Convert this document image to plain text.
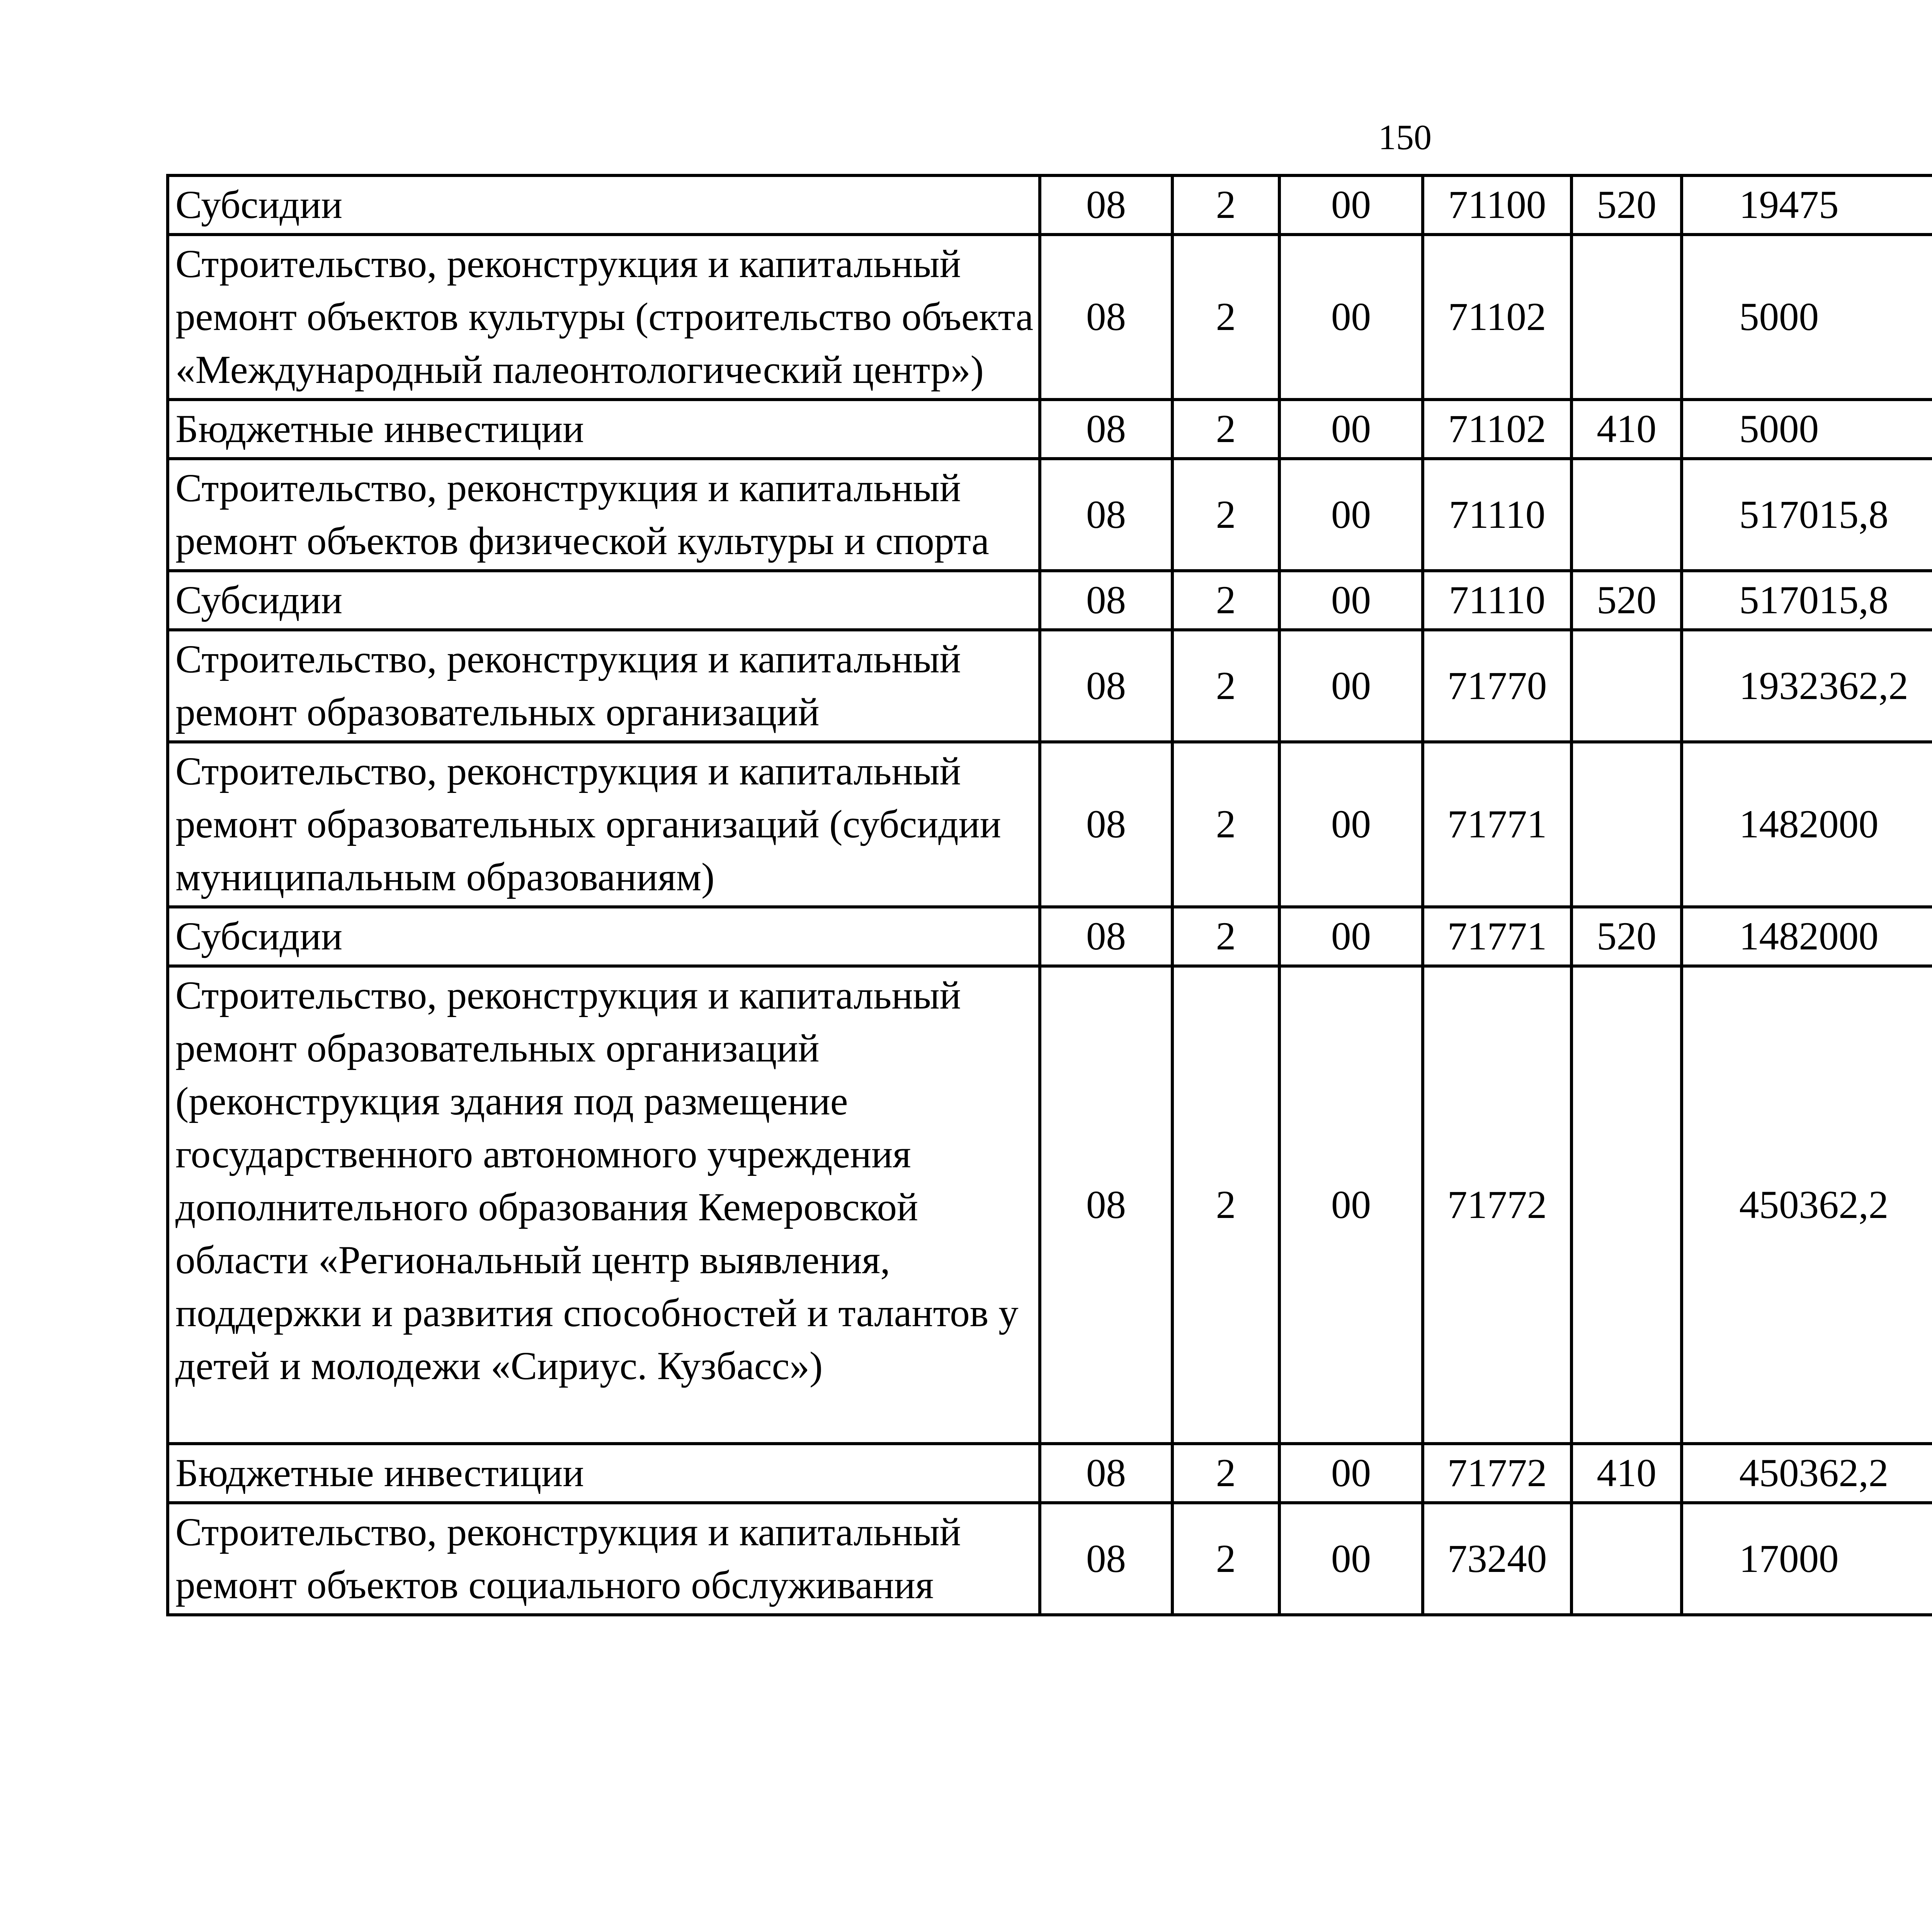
150
Субсидии	08	2	00	71100	520	19475		
Строительство, реконструкция и капитальный ремонт объектов культуры (строительство объекта «Международный палеонтологический центр»)	08	2	00	71102		5000		
Бюджетные инвестиции	08	2	00	71102	410	5000		
Строительство, реконструкция и капитальный ремонт объектов физической культуры и спорта	08	2	00	71110		517015,8		
Субсидии	08	2	00	71110	520	517015,8		
Строительство, реконструкция и капитальный ремонт образовательных организаций	08	2	00	71770		1932362,2		
Строительство, реконструкция и капитальный ремонт образовательных организаций (субсидии муниципальным образованиям)	08	2	00	71771		1482000		
Субсидии	08	2	00	71771	520	1482000		
Строительство, реконструкция и капитальный ремонт образовательных организаций (реконструкция здания под размещение государственного автономного учреждения дополнительного образования Кемеровской области «Региональный центр выявления, поддержки и развития способностей и талантов у детей и молодежи «Сириус. Кузбасс»)	08	2	00	71772		450362,2		
Бюджетные инвестиции	08	2	00	71772	410	450362,2		
Строительство, реконструкция и капитальный ремонт объектов социального обслуживания	08	2	00	73240		17000		
